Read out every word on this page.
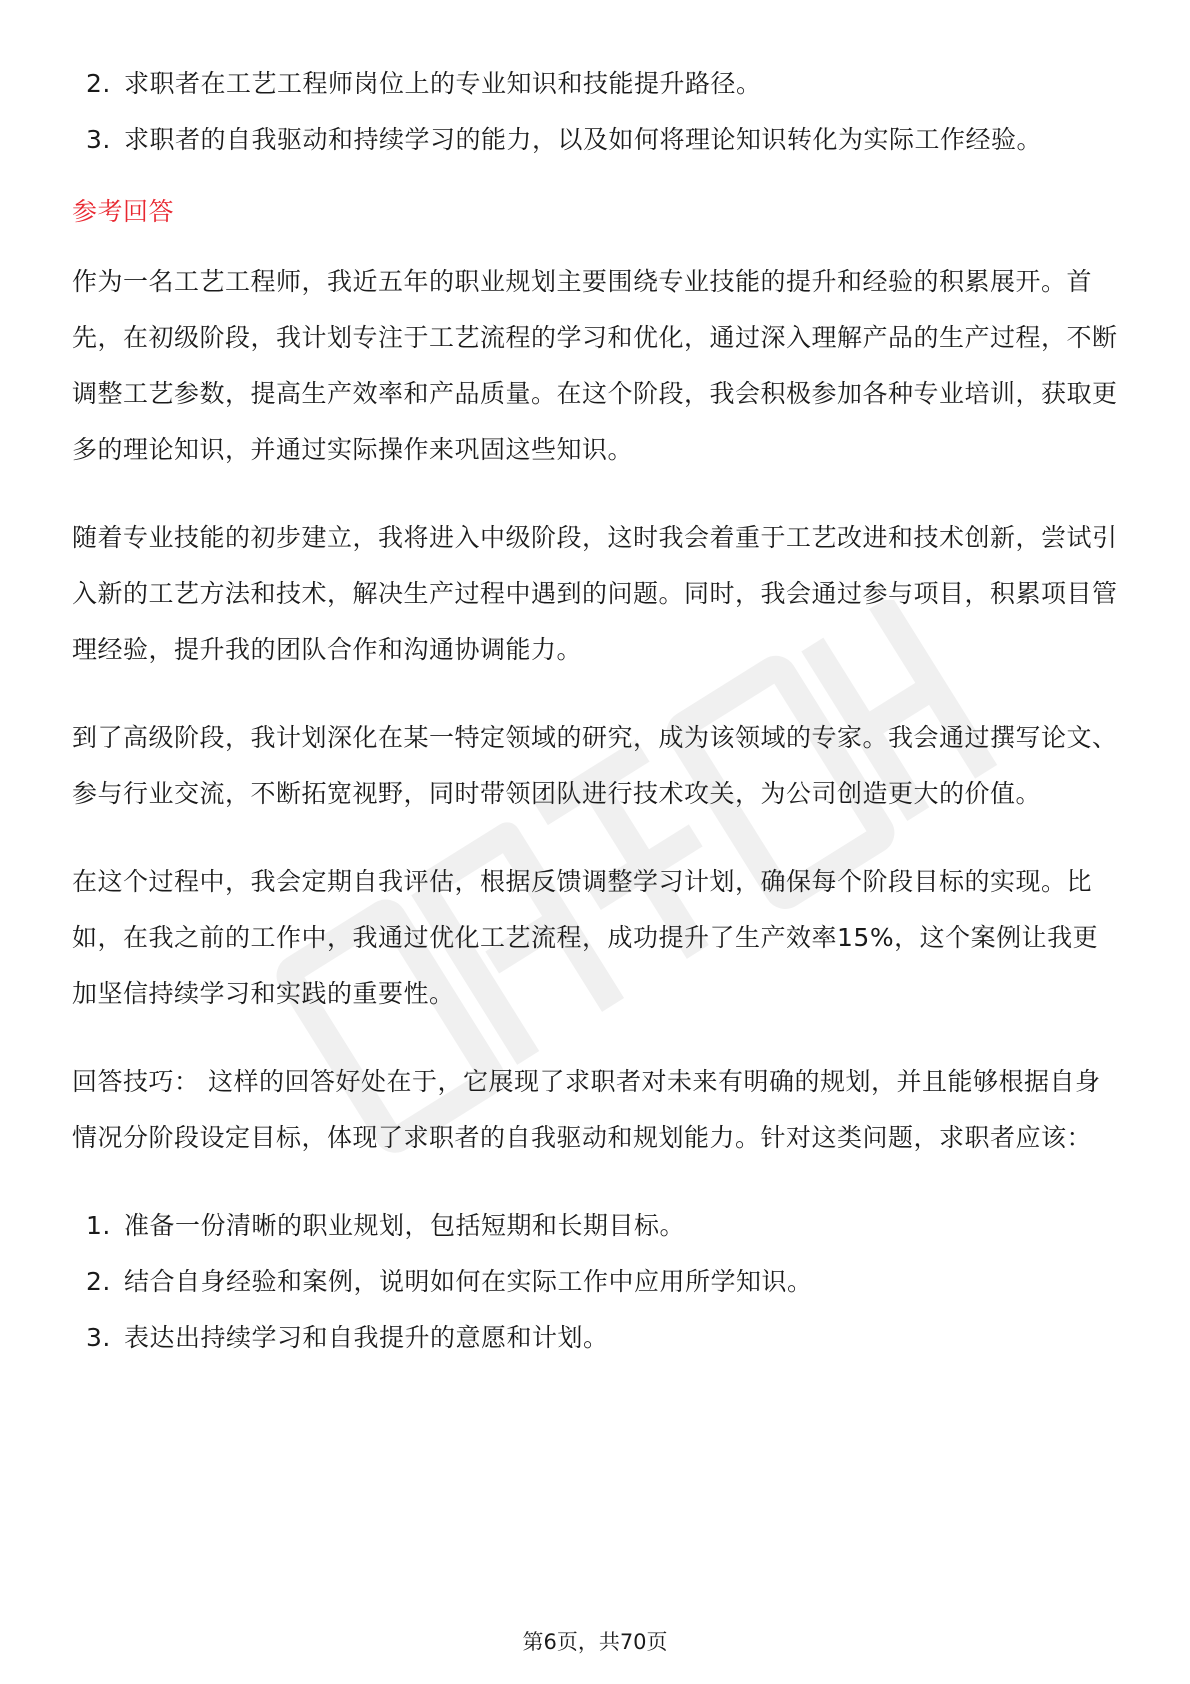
2. 求职者在工艺工程师岗位上的专业知识和技能提升路径。
3. 求职者的自我驱动和持续学习的能力，以及如何将理论知识转化为实际工作经验。
参考回答

作为一名工艺工程师，我近五年的职业规划主要围绕专业技能的提升和经验的积累展开。首先，在初级阶段，我计划专注于工艺流程的学习和优化，通过深入理解产品的生产过程，不断调整工艺参数，提高生产效率和产品质量。在这个阶段，我会积极参加各种专业培训，获取更多的理论知识，并通过实际操作来巩固这些知识。

随着专业技能的初步建立，我将进入中级阶段，这时我会着重于工艺改进和技术创新，尝试引入新的工艺方法和技术，解决生产过程中遇到的问题。同时，我会通过参与项目，积累项目管理经验，提升我的团队合作和沟通协调能力。

到了高级阶段，我计划深化在某一特定领域的研究，成为该领域的专家。我会通过撰写论文、参与行业交流，不断拓宽视野，同时带领团队进行技术攻关，为公司创造更大的价值。

在这个过程中，我会定期自我评估，根据反馈调整学习计划，确保每个阶段目标的实现。比如，在我之前的工作中，我通过优化工艺流程，成功提升了生产效率15%，这个案例让我更加坚信持续学习和实践的重要性。

回答技巧： 这样的回答好处在于，它展现了求职者对未来有明确的规划，并且能够根据自身情况分阶段设定目标，体现了求职者的自我驱动和规划能力。针对这类问题，求职者应该：

1. 准备一份清晰的职业规划，包括短期和长期目标。
2. 结合自身经验和案例，说明如何在实际工作中应用所学知识。
3. 表达出持续学习和自我提升的意愿和计划。
第6页，共70页
